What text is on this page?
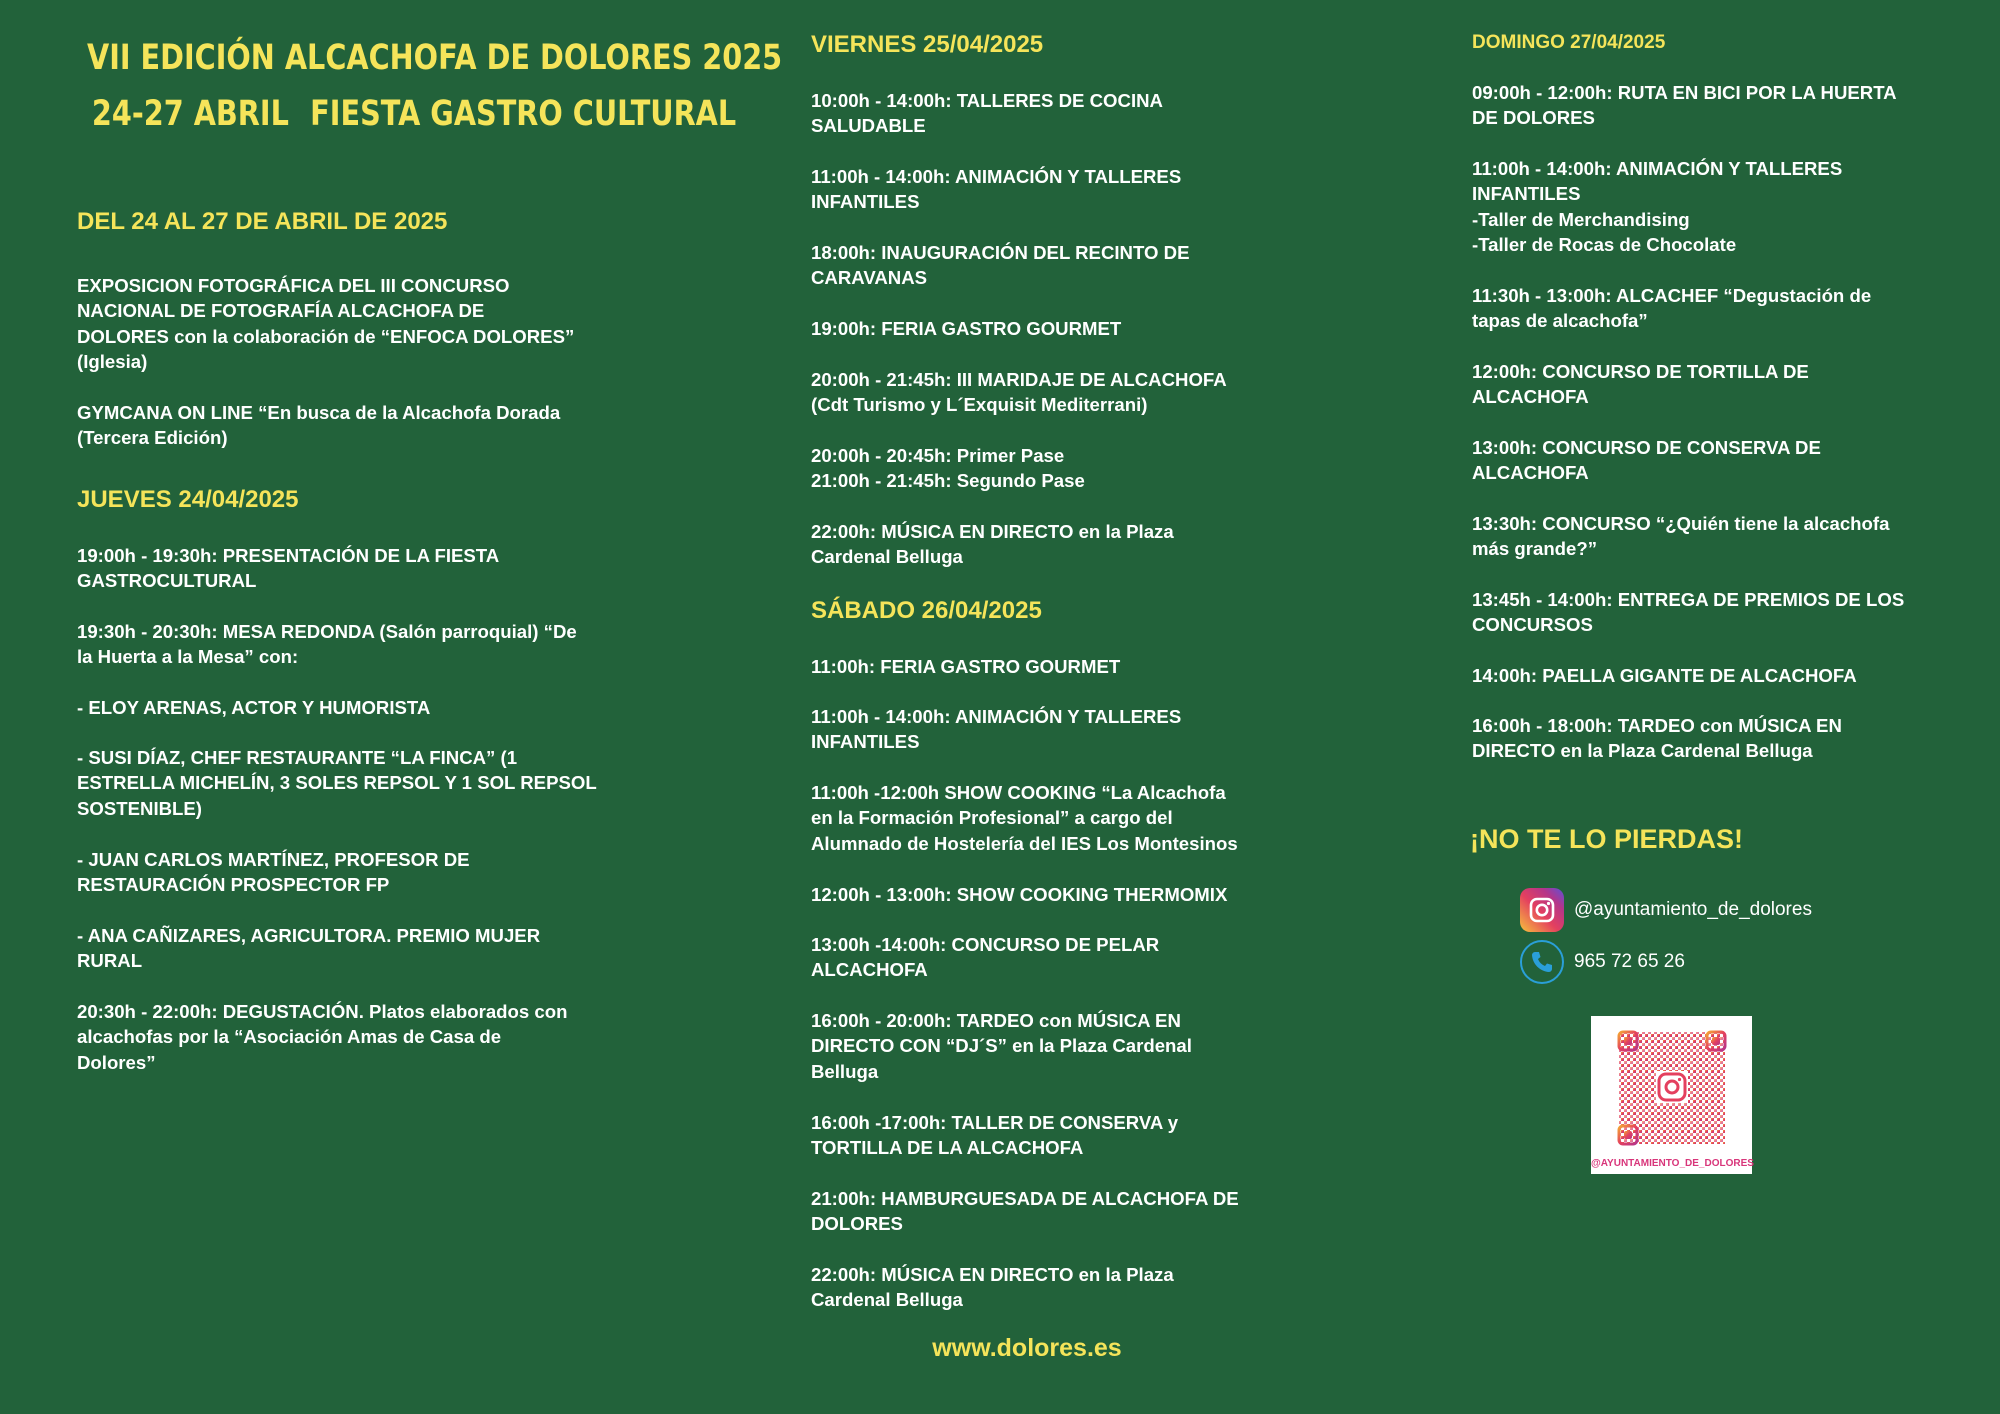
VII EDICIÓN ALCACHOFA DE DOLORES 2025
24-27 ABRIL FIESTA GASTRO CULTURAL
DEL 24 AL 27 DE ABRIL DE 2025
EXPOSICION FOTOGRÁFICA DEL III CONCURSO
NACIONAL DE FOTOGRAFÍA ALCACHOFA DE
DOLORES con la colaboración de “ENFOCA DOLORES”
(Iglesia)
GYMCANA ON LINE “En busca de la Alcachofa Dorada
(Tercera Edición)
JUEVES 24/04/2025
19:00h - 19:30h: PRESENTACIÓN DE LA FIESTA
GASTROCULTURAL
19:30h - 20:30h: MESA REDONDA (Salón parroquial) “De
la Huerta a la Mesa” con:
- ELOY ARENAS, ACTOR Y HUMORISTA
- SUSI DÍAZ, CHEF RESTAURANTE “LA FINCA” (1
ESTRELLA MICHELÍN, 3 SOLES REPSOL Y 1 SOL REPSOL
SOSTENIBLE)
- JUAN CARLOS MARTÍNEZ, PROFESOR DE
RESTAURACIÓN PROSPECTOR FP
- ANA CAÑIZARES, AGRICULTORA. PREMIO MUJER
RURAL
20:30h - 22:00h: DEGUSTACIÓN. Platos elaborados con
alcachofas por la “Asociación Amas de Casa de
Dolores”
VIERNES 25/04/2025
10:00h - 14:00h: TALLERES DE COCINA
SALUDABLE
11:00h - 14:00h: ANIMACIÓN Y TALLERES
INFANTILES
18:00h: INAUGURACIÓN DEL RECINTO DE
CARAVANAS
19:00h: FERIA GASTRO GOURMET
20:00h - 21:45h: III MARIDAJE DE ALCACHOFA
(Cdt Turismo y L´Exquisit Mediterrani)
20:00h - 20:45h: Primer Pase
21:00h - 21:45h: Segundo Pase
22:00h: MÚSICA EN DIRECTO en la Plaza
Cardenal Belluga
SÁBADO 26/04/2025
11:00h: FERIA GASTRO GOURMET
11:00h - 14:00h: ANIMACIÓN Y TALLERES
INFANTILES
11:00h -12:00h SHOW COOKING “La Alcachofa
en la Formación Profesional” a cargo del
Alumnado de Hostelería del IES Los Montesinos
12:00h - 13:00h: SHOW COOKING THERMOMIX
13:00h -14:00h: CONCURSO DE PELAR
ALCACHOFA
16:00h - 20:00h: TARDEO con MÚSICA EN
DIRECTO CON “DJ´S” en la Plaza Cardenal
Belluga
16:00h -17:00h: TALLER DE CONSERVA y
TORTILLA DE LA ALCACHOFA
21:00h: HAMBURGUESADA DE ALCACHOFA DE
DOLORES
22:00h: MÚSICA EN DIRECTO en la Plaza
Cardenal Belluga
DOMINGO 27/04/2025
09:00h - 12:00h: RUTA EN BICI POR LA HUERTA
DE DOLORES
11:00h - 14:00h: ANIMACIÓN Y TALLERES
INFANTILES
-Taller de Merchandising
-Taller de Rocas de Chocolate
11:30h - 13:00h: ALCACHEF “Degustación de
tapas de alcachofa”
12:00h: CONCURSO DE TORTILLA DE
ALCACHOFA
13:00h: CONCURSO DE CONSERVA DE
ALCACHOFA
13:30h: CONCURSO “¿Quién tiene la alcachofa
más grande?”
13:45h - 14:00h: ENTREGA DE PREMIOS DE LOS
CONCURSOS
14:00h: PAELLA GIGANTE DE ALCACHOFA
16:00h - 18:00h: TARDEO con MÚSICA EN
DIRECTO en la Plaza Cardenal Belluga
¡NO TE LO PIERDAS!
@ayuntamiento_de_dolores
965 72 65 26
@AYUNTAMIENTO_DE_DOLORES

www.dolores.es
